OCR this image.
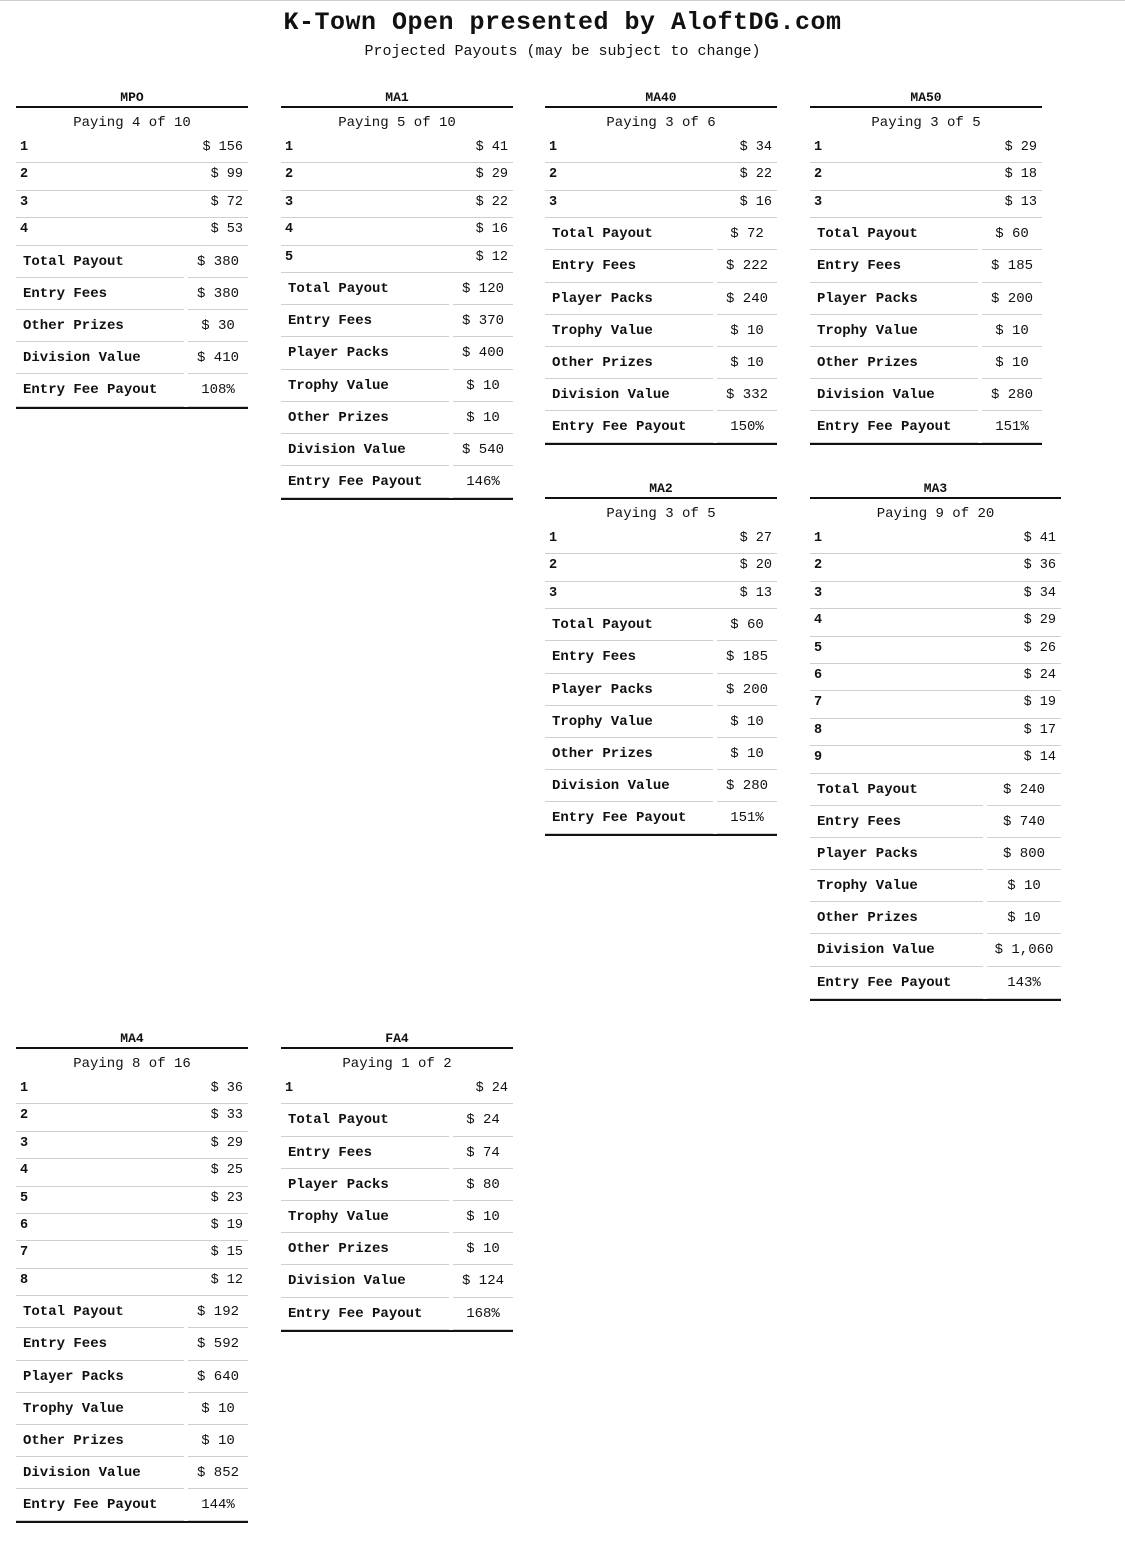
K-Town Open presented by AloftDG.com
Projected Payouts (may be subject to change)
MPO
Paying 4 of 10
1	$ 156
2	$ 99
3	$ 72
4	$ 53
Total Payout	$ 380
Entry Fees	$ 380
Other Prizes	$ 30
Division Value	$ 410
Entry Fee Payout	108%
MA1
Paying 5 of 10
1	$ 41
2	$ 29
3	$ 22
4	$ 16
5	$ 12
Total Payout	$ 120
Entry Fees	$ 370
Player Packs	$ 400
Trophy Value	$ 10
Other Prizes	$ 10
Division Value	$ 540
Entry Fee Payout	146%
MA40
Paying 3 of 6
1	$ 34
2	$ 22
3	$ 16
Total Payout	$ 72
Entry Fees	$ 222
Player Packs	$ 240
Trophy Value	$ 10
Other Prizes	$ 10
Division Value	$ 332
Entry Fee Payout	150%
MA50
Paying 3 of 5
1	$ 29
2	$ 18
3	$ 13
Total Payout	$ 60
Entry Fees	$ 185
Player Packs	$ 200
Trophy Value	$ 10
Other Prizes	$ 10
Division Value	$ 280
Entry Fee Payout	151%
MA2
Paying 3 of 5
1	$ 27
2	$ 20
3	$ 13
Total Payout	$ 60
Entry Fees	$ 185
Player Packs	$ 200
Trophy Value	$ 10
Other Prizes	$ 10
Division Value	$ 280
Entry Fee Payout	151%
MA3
Paying 9 of 20
1	$ 41
2	$ 36
3	$ 34
4	$ 29
5	$ 26
6	$ 24
7	$ 19
8	$ 17
9	$ 14
Total Payout	$ 240
Entry Fees	$ 740
Player Packs	$ 800
Trophy Value	$ 10
Other Prizes	$ 10
Division Value	$ 1,060
Entry Fee Payout	143%
MA4
Paying 8 of 16
1	$ 36
2	$ 33
3	$ 29
4	$ 25
5	$ 23
6	$ 19
7	$ 15
8	$ 12
Total Payout	$ 192
Entry Fees	$ 592
Player Packs	$ 640
Trophy Value	$ 10
Other Prizes	$ 10
Division Value	$ 852
Entry Fee Payout	144%
FA4
Paying 1 of 2
1	$ 24
Total Payout	$ 24
Entry Fees	$ 74
Player Packs	$ 80
Trophy Value	$ 10
Other Prizes	$ 10
Division Value	$ 124
Entry Fee Payout	168%
